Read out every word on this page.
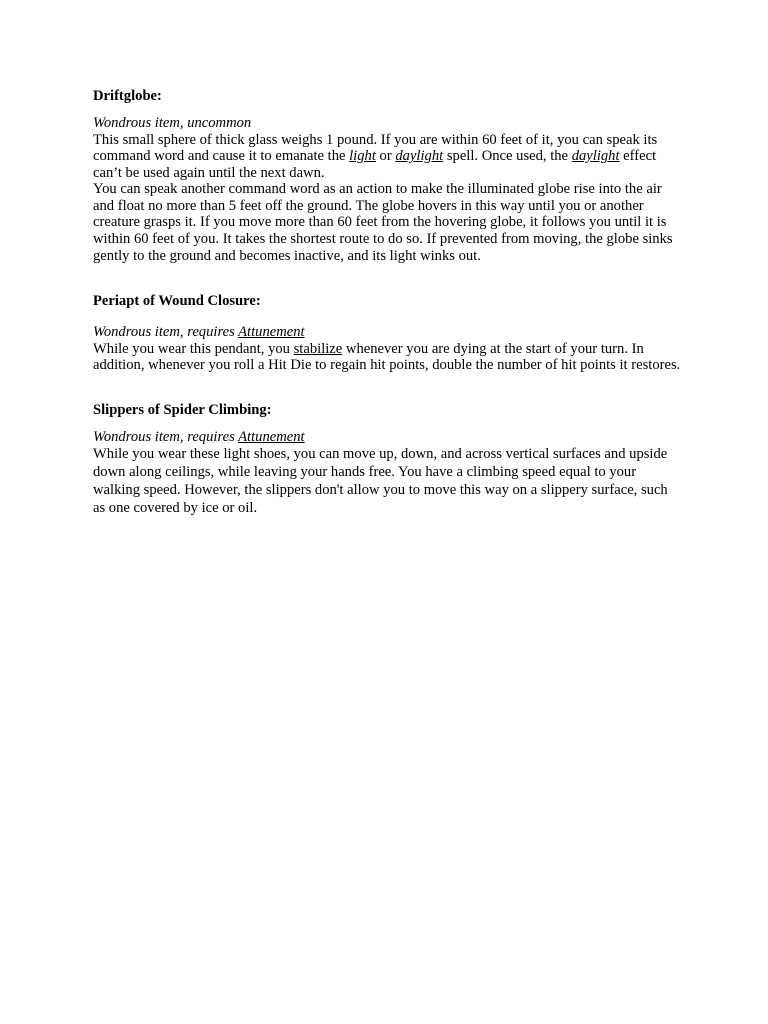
Driftglobe:
Wondrous item, uncommon

This small sphere of thick glass weighs 1 pound. If you are within 60 feet of it, you can speak its command word and cause it to emanate the light or daylight spell. Once used, the daylight effect can’t be used again until the next dawn.

You can speak another command word as an action to make the illuminated globe rise into the air and float no more than 5 feet off the ground. The globe hovers in this way until you or another creature grasps it. If you move more than 60 feet from the hovering globe, it follows you until it is within 60 feet of you. It takes the shortest route to do so. If prevented from moving, the globe sinks gently to the ground and becomes inactive, and its light winks out.

Periapt of Wound Closure:
Wondrous item, requires Attunement

While you wear this pendant, you stabilize whenever you are dying at the start of your turn. In addition, whenever you roll a Hit Die to regain hit points, double the number of hit points it restores.

Slippers of Spider Climbing:
Wondrous item, requires Attunement

While you wear these light shoes, you can move up, down, and across vertical surfaces and upside down along ceilings, while leaving your hands free. You have a climbing speed equal to your walking speed. However, the slippers don't allow you to move this way on a slippery surface, such as one covered by ice or oil.
